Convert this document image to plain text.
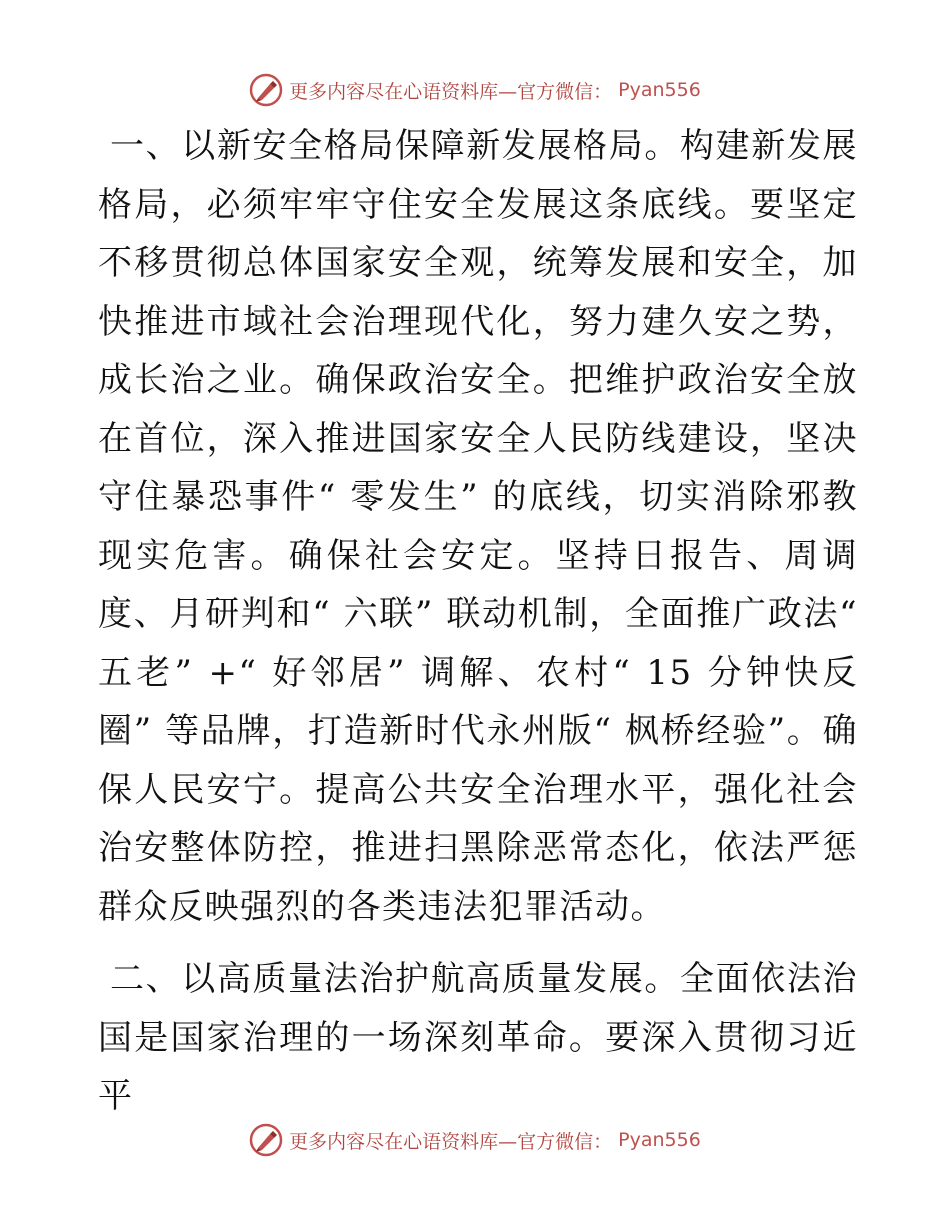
更多内容尽在心语资料库—官方微信： Pyan556

一、以新安全格局保障新发展格局。构建新发展格局，必须牢牢守住安全发展这条底线。要坚定不移贯彻总体国家安全观，统筹发展和安全，加快推进市域社会治理现代化，努力建久安之势，成长治之业。确保政治安全。把维护政治安全放在首位，深入推进国家安全人民防线建设，坚决守住暴恐事件“ 零发生” 的底线，切实消除邪教现实危害。确保社会安定。坚持日报告、周调度、月研判和“ 六联” 联动机制，全面推广政法“ 五老” +“ 好邻居” 调解、农村“ 15 分钟快反圈” 等品牌，打造新时代永州版“ 枫桥经验”。确保人民安宁。提高公共安全治理水平，强化社会治安整体防控，推进扫黑除恶常态化，依法严惩群众反映强烈的各类违法犯罪活动。

二、以高质量法治护航高质量发展。全面依法治国是国家治理的一场深刻革命。要深入贯彻习近平

更多内容尽在心语资料库—官方微信： Pyan556
